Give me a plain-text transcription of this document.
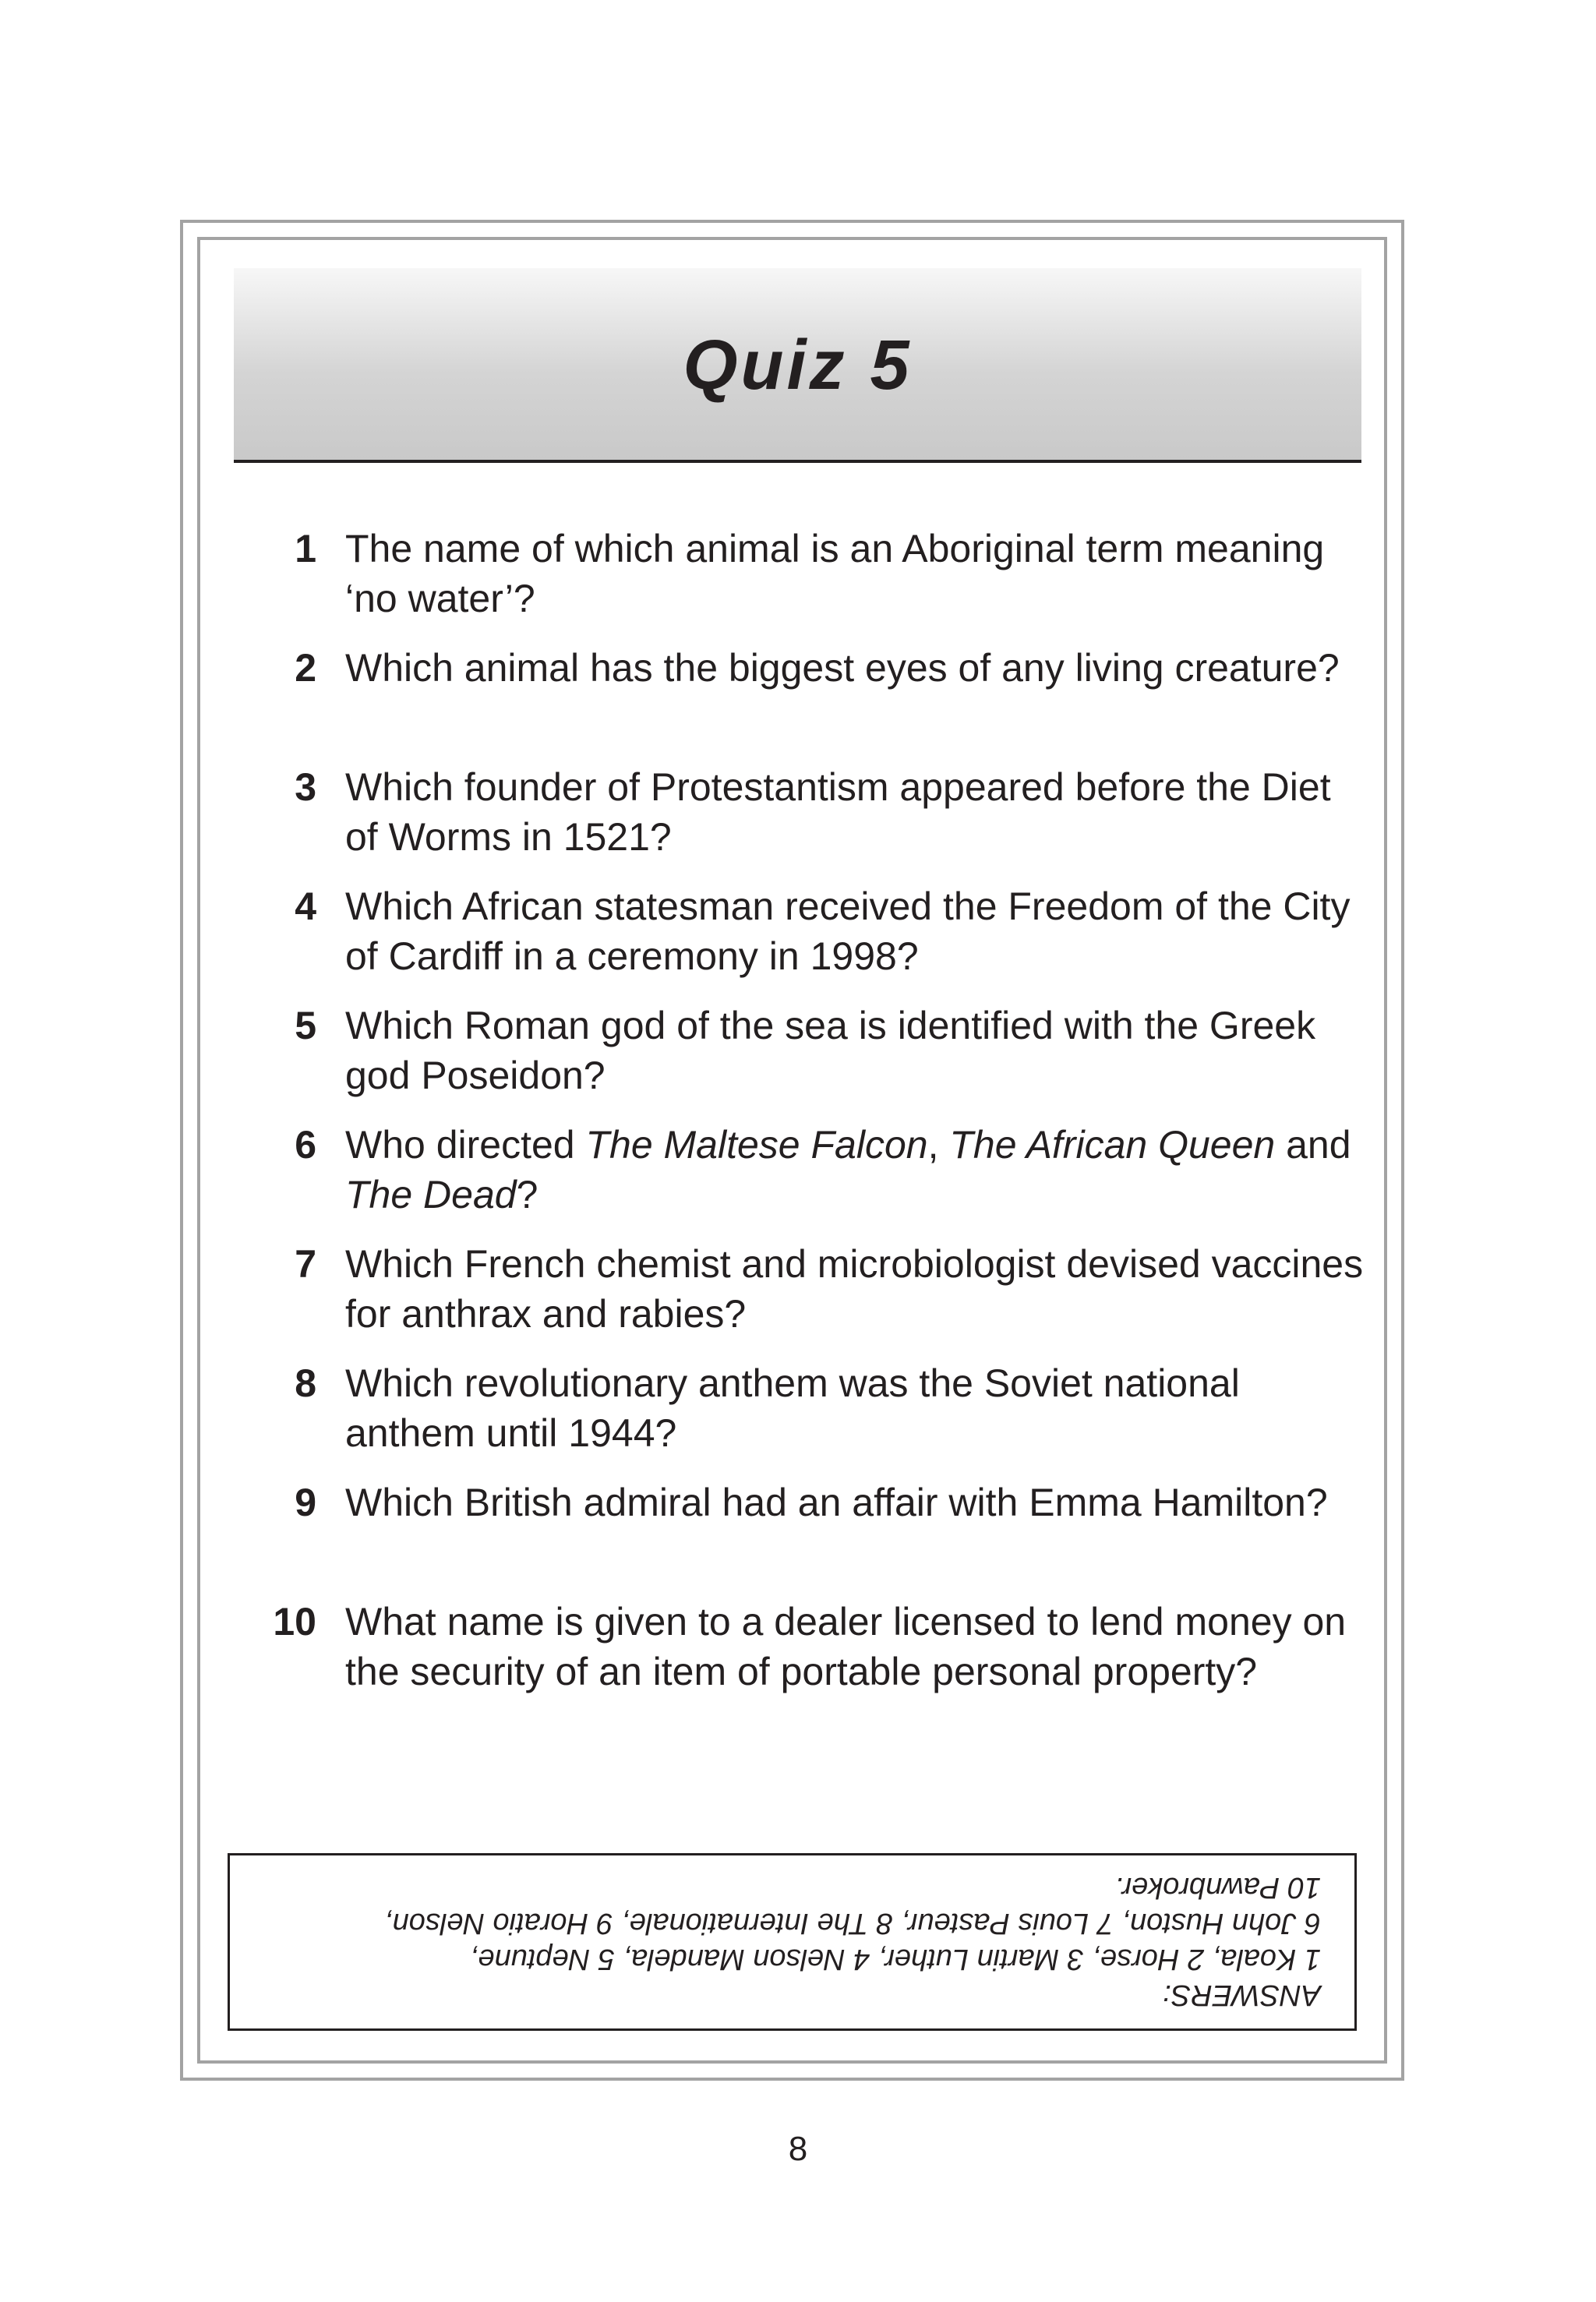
Quiz 5
1 The name of which animal is an Aboriginal term meaning ‘no water’?
2 Which animal has the biggest eyes of any living creature?
3 Which founder of Protestantism appeared before the Diet of Worms in 1521?
4 Which African statesman received the Freedom of the City of Cardiff in a ceremony in 1998?
5 Which Roman god of the sea is identified with the Greek god Poseidon?
6 Who directed The Maltese Falcon, The African Queen and The Dead?
7 Which French chemist and microbiologist devised vaccines for anthrax and rabies?
8 Which revolutionary anthem was the Soviet national anthem until 1944?
9 Which British admiral had an affair with Emma Hamilton?
10 What name is given to a dealer licensed to lend money on the security of an item of portable personal property?
ANSWERS:
1 Koala, 2 Horse, 3 Martin Luther, 4 Nelson Mandela, 5 Neptune,
6 John Huston, 7 Louis Pasteur, 8 The Internationale, 9 Horatio Nelson,
10 Pawnbroker.
8
